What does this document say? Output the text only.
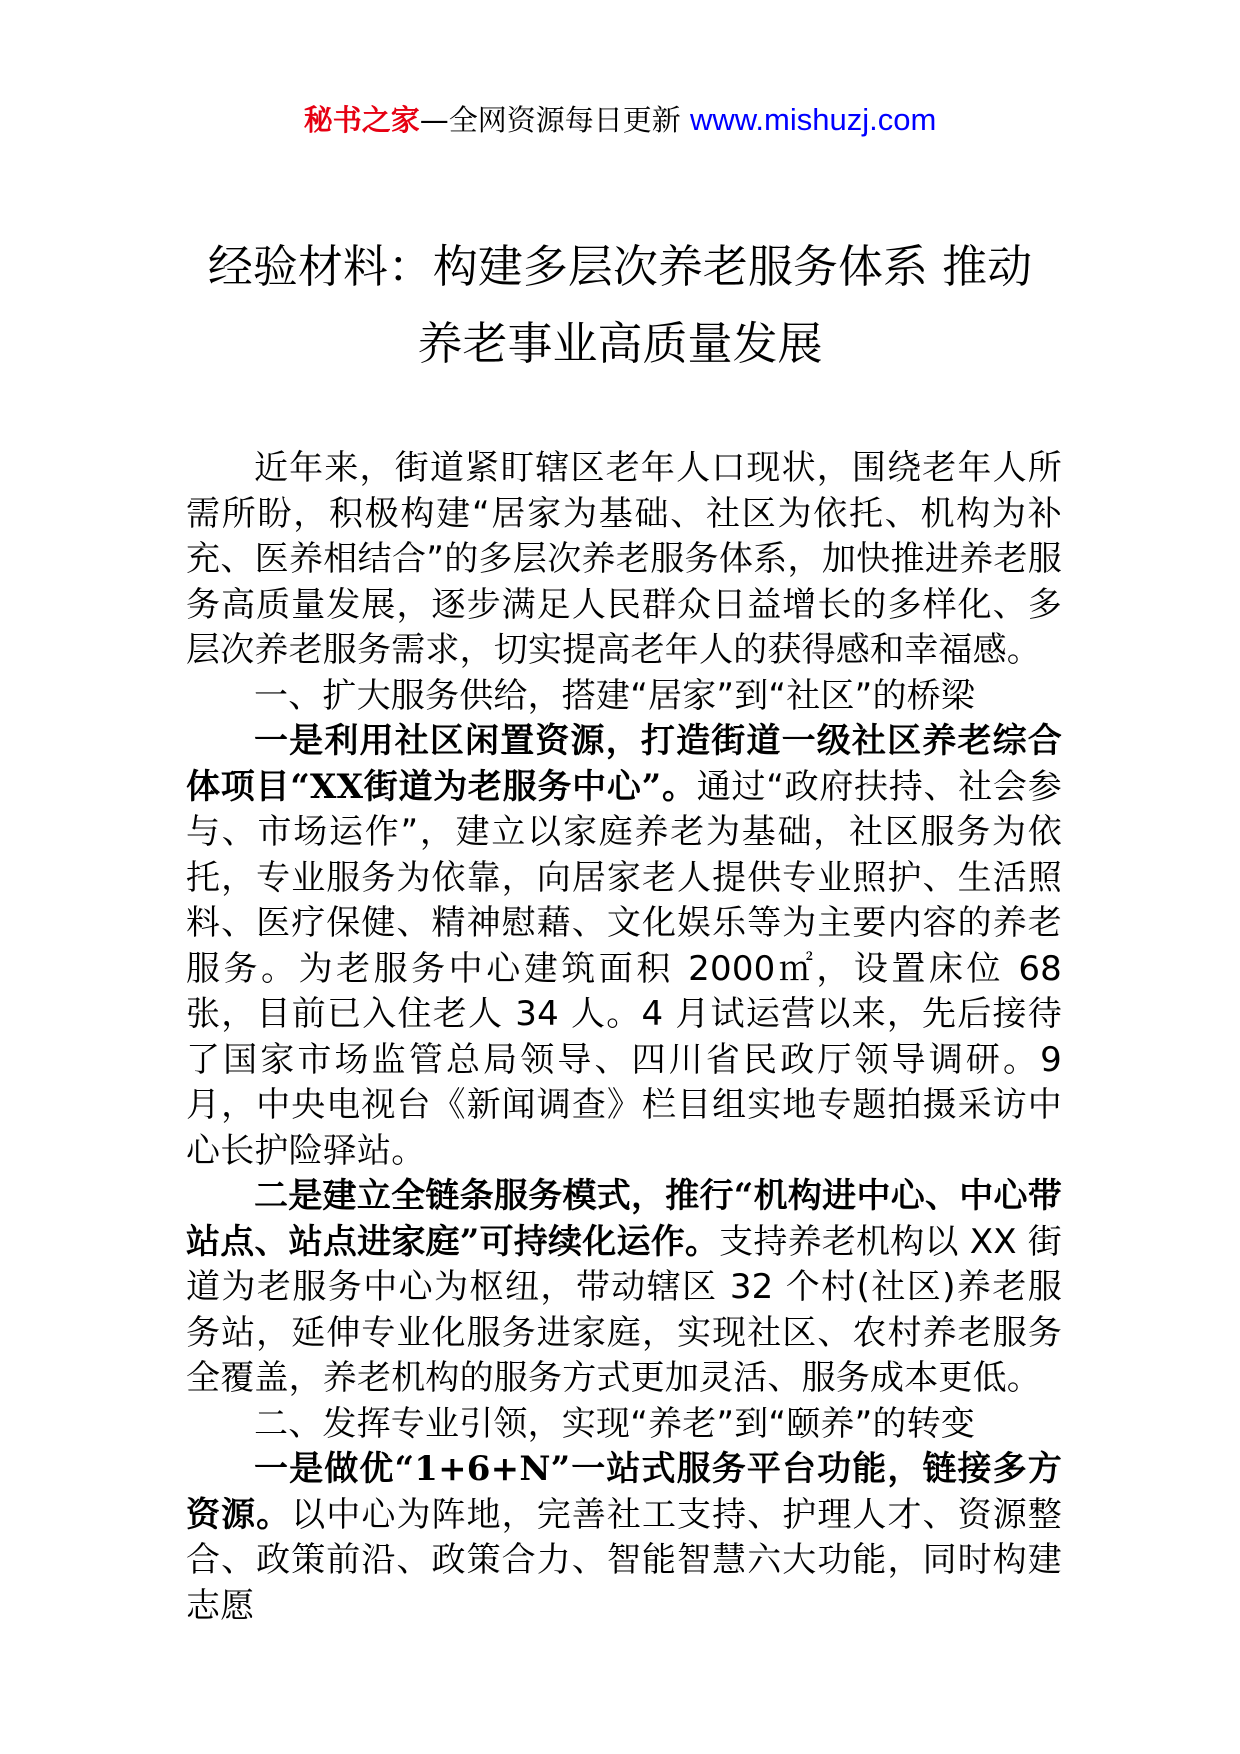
秘书之家—全网资源每日更新 www.mishuzj.com
经验材料：构建多层次养老服务体系 推动
养老事业高质量发展

近年来，街道紧盯辖区老年人口现状，围绕老年人所需所盼，积极构建“居家为基础、社区为依托、机构为补充、医养相结合”的多层次养老服务体系，加快推进养老服务高质量发展，逐步满足人民群众日益增长的多样化、多层次养老服务需求，切实提高老年人的获得感和幸福感。

一、扩大服务供给，搭建“居家”到“社区”的桥梁

一是利用社区闲置资源，打造街道一级社区养老综合体项目“XX街道为老服务中心”。通过“政府扶持、社会参与、市场运作”，建立以家庭养老为基础，社区服务为依托，专业服务为依靠，向居家老人提供专业照护、生活照料、医疗保健、精神慰藉、文化娱乐等为主要内容的养老服务。为老服务中心建筑面积 2000㎡，设置床位 68 张，目前已入住老人 34 人。4 月试运营以来，先后接待了国家市场监管总局领导、四川省民政厅领导调研。9 月，中央电视台《新闻调查》栏目组实地专题拍摄采访中心长护险驿站。

二是建立全链条服务模式，推行“机构进中心、中心带站点、站点进家庭”可持续化运作。支持养老机构以 XX 街道为老服务中心为枢纽，带动辖区 32 个村(社区)养老服务站，延伸专业化服务进家庭，实现社区、农村养老服务全覆盖，养老机构的服务方式更加灵活、服务成本更低。

二、发挥专业引领，实现“养老”到“颐养”的转变

一是做优“1+6+N”一站式服务平台功能，链接多方资源。以中心为阵地，完善社工支持、护理人才、资源整合、政策前沿、政策合力、智能智慧六大功能，同时构建志愿
